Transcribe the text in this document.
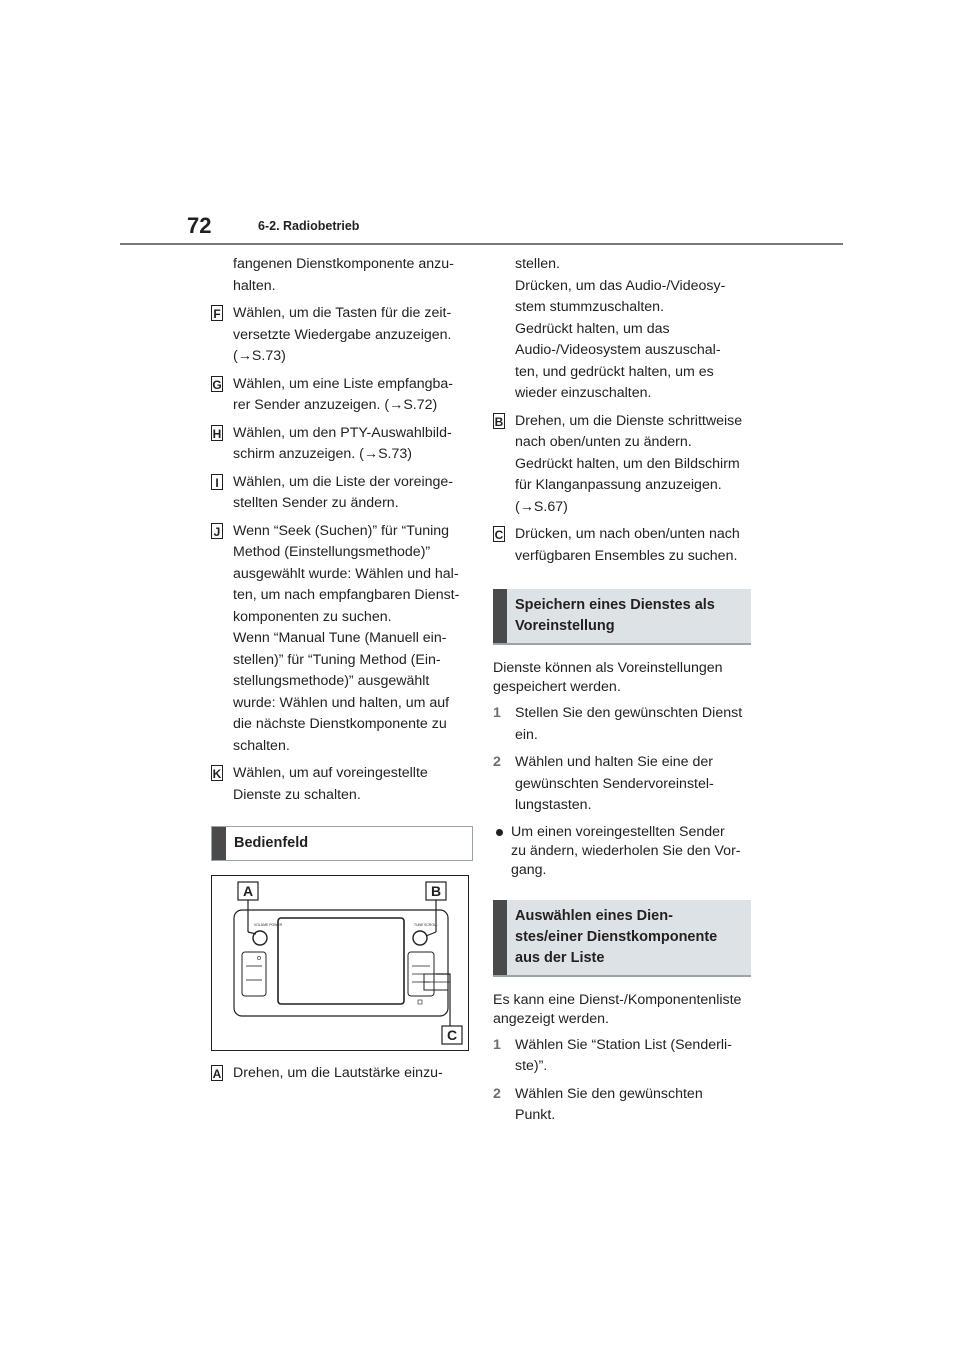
72	6-2. Radiobetrieb
fangenen Dienstkomponente anzu-
halten.
F Wählen, um die Tasten für die zeit-
versetzte Wiedergabe anzuzeigen.
(→S.73)
G Wählen, um eine Liste empfangba-
rer Sender anzuzeigen. (→S.72)
H Wählen, um den PTY-Auswahlbild-
schirm anzuzeigen. (→S.73)
I	Wählen, um die Liste der voreinge-
stellten Sender zu ändern.
J Wenn “Seek (Suchen)” für “Tuning
Method (Einstellungsmethode)”
ausgewählt wurde: Wählen und hal-
ten, um nach empfangbaren Dienst-
komponenten zu suchen.
Wenn “Manual Tune (Manuell ein-
stellen)” für “Tuning Method (Ein-
stellungsmethode)” ausgewählt
wurde: Wählen und halten, um auf
die nächste Dienstkomponente zu
schalten.
K Wählen, um auf voreingestellte
Dienste zu schalten.
Bedienfeld
VOLUME POWER	TUNE SCROLL
A	B
C
A Drehen, um die Lautstärke einzu-
stellen.
Drücken, um das Audio-/Videosy-
stem stummzuschalten.
Gedrückt halten, um das
Audio-/Videosystem auszuschal-
ten, und gedrückt halten, um es
wieder einzuschalten.
B Drehen, um die Dienste schrittweise
nach oben/unten zu ändern.
Gedrückt halten, um den Bildschirm
für Klanganpassung anzuzeigen.
(→S.67)
C Drücken, um nach oben/unten nach
verfügbaren Ensembles zu suchen.
Speichern eines Dienstes als
Voreinstellung
Dienste können als Voreinstellungen
gespeichert werden.
1 Stellen Sie den gewünschten Dienst
ein.
2 Wählen und halten Sie eine der
gewünschten Sendervoreinstel-
lungstasten.
Um einen voreingestellten Sender
zu ändern, wiederholen Sie den Vor-
gang.
Auswählen eines Dien-
stes/einer Dienstkomponente
aus der Liste
Es kann eine Dienst-/Komponentenliste
angezeigt werden.
1 Wählen Sie “Station List (Senderli-
ste)”.
2 Wählen Sie den gewünschten
Punkt.
